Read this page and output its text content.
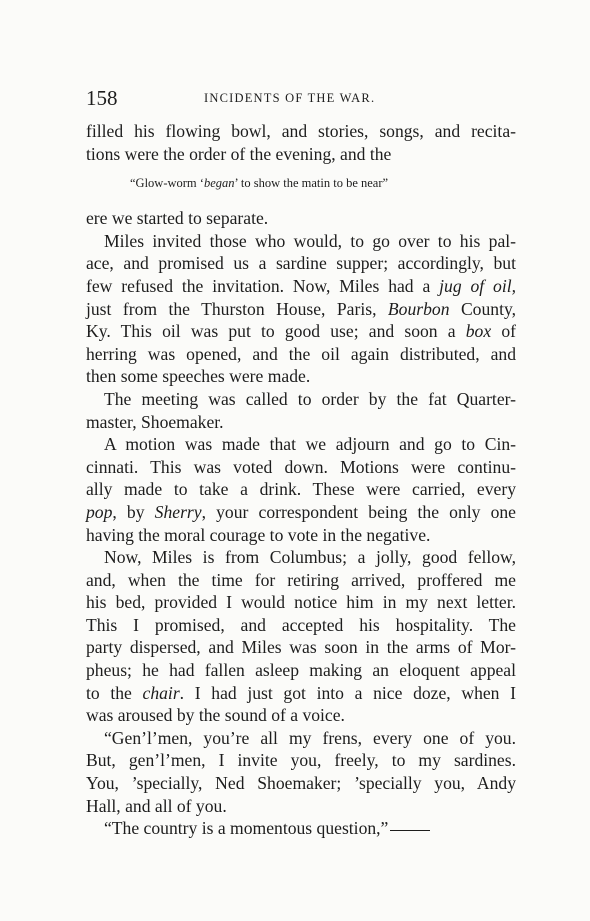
158	INCIDENTS OF THE WAR.
filled his flowing bowl, and stories, songs, and recita-
tions were the order of the evening, and the
“Glow-worm ‘began’ to show the matin to be near”
ere we started to separate.
Miles invited those who would, to go over to his pal-
ace, and promised us a sardine supper; accordingly, but
few refused the invitation. Now, Miles had a jug of oil,
just from the Thurston House, Paris, Bourbon County,
Ky. This oil was put to good use; and soon a box of
herring was opened, and the oil again distributed, and
then some speeches were made.
The meeting was called to order by the fat Quarter-
master, Shoemaker.
A motion was made that we adjourn and go to Cin-
cinnati. This was voted down. Motions were continu-
ally made to take a drink. These were carried, every
pop, by Sherry, your correspondent being the only one
having the moral courage to vote in the negative.
Now, Miles is from Columbus; a jolly, good fellow,
and, when the time for retiring arrived, proffered me
his bed, provided I would notice him in my next letter.
This I promised, and accepted his hospitality. The
party dispersed, and Miles was soon in the arms of Mor-
pheus; he had fallen asleep making an eloquent appeal
to the chair. I had just got into a nice doze, when I
was aroused by the sound of a voice.
“Gen’l’men, you’re all my frens, every one of you.
But, gen’l’men, I invite you, freely, to my sardines.
You, ’specially, Ned Shoemaker; ’specially you, Andy
Hall, and all of you.
“The country is a momentous question,”
